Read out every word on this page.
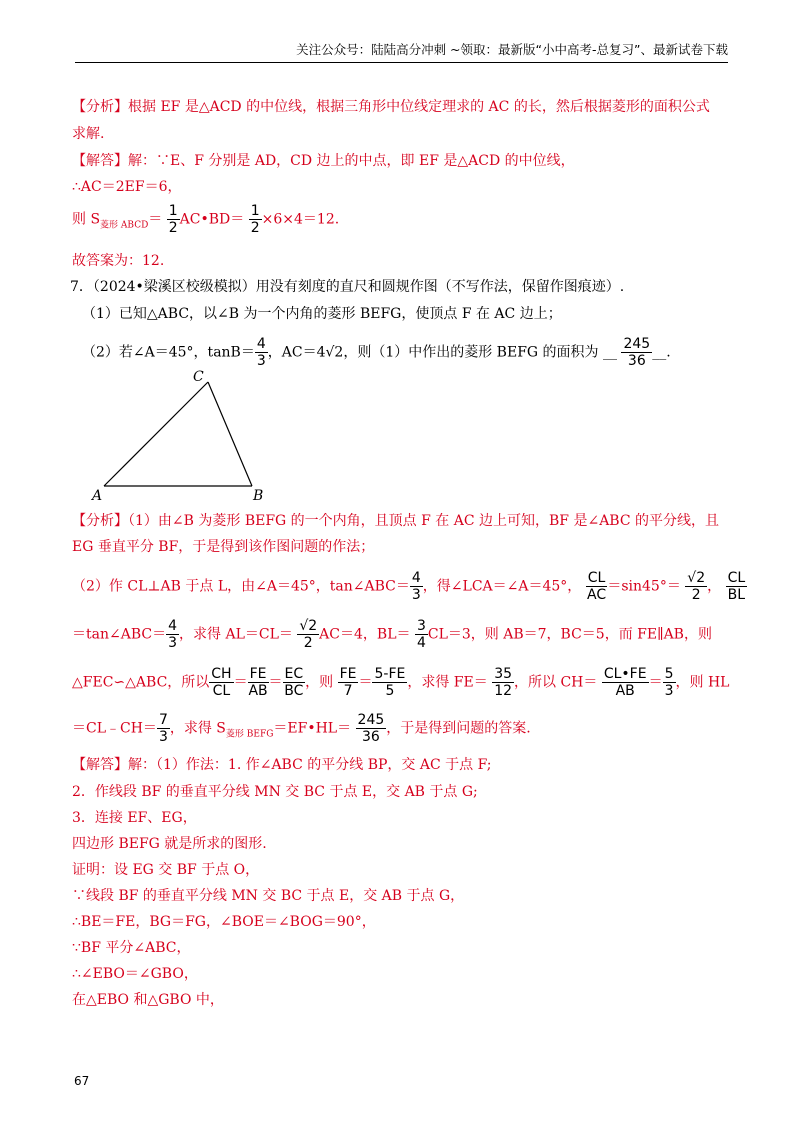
关注公众号：陆陆高分冲刺 ~领取：最新版“小中高考-总复习”、最新试卷下载
【分析】根据 EF 是△ACD 的中位线，根据三角形中位线定理求的 AC 的长，然后根据菱形的面积公式
求解.
【解答】解：∵E、F 分别是 AD，CD 边上的中点，即 EF 是△ACD 的中位线，
∴AC＝2EF＝6，
则 $S_{菱形 ABCD}= \frac{1}{2}$ AC•BD＝ $\frac{1}{2} \times 6\times 4=12$.
故答案为：12.
7．（2024•梁溪区校级模拟）用没有刻度的直尺和圆规作图（不写作法，保留作图痕迹）.
（1）已知△ABC，以∠B 为一个内角的菱形 BEFG，使顶点 F 在 AC 边上；
（2）若∠A＝45°，$\tan B= \frac{4}{3}$ ，AC＝4√2，则（1）中作出的菱形 BEFG 的面积为 __ $\frac{245}{36}$ __.
A	B
C
【分析】（1）由∠B 为菱形 BEFG 的一个内角，且顶点 F 在 AC 边上可知，BF 是∠ABC 的平分线，且
EG 垂直平分 BF，于是得到该作图问题的作法；
（2）作 CL⊥AB 于点 L，由∠A＝45°，tan∠ABC＝ $\frac{4}{3}$ ，得∠LCA＝∠A＝45°， $\frac{CL}{AC} =\sin 45^\circ= \frac{√2}{2}$ ， $\frac{CL}{BL}$
＝tan∠ABC＝ $\frac{4}{3}$ ，求得 $AL=CL= \frac{√2}{2} AC=4$，$BL= \frac{3}{4} CL=3$，则 AB＝7，BC＝5，而 FE∥AB，则
△FEC∽△ABC，所以 $\frac{CH}{CL} = \frac{FE}{AB} = \frac{EC}{BC}$ ，则 $\frac{FE}{7} = \frac{5-FE}{5}$ ，求得 $FE= \frac{35}{12}$ ，所以 $CH= \frac{CL•FE}{AB} = \frac{5}{3}$ ，则 HL
＝CL﹣CH＝ $\frac{7}{3}$ ，求得 $S_{菱形 BEFG}=EF•HL= \frac{245}{36}$ ，于是得到问题的答案.
【解答】解：（1）作法：1. 作∠ABC 的平分线 BP，交 AC 于点 F;
2．作线段 BF 的垂直平分线 MN 交 BC 于点 E，交 AB 于点 G;
3．连接 EF、EG，
四边形 BEFG 就是所求的图形.
证明：设 EG 交 BF 于点 O，
∵线段 BF 的垂直平分线 MN 交 BC 于点 E，交 AB 于点 G，
∴BE＝FE，BG＝FG，∠BOE＝∠BOG＝90°，
∵BF 平分∠ABC，
∴∠EBO＝∠GBO，
在△EBO 和△GBO 中，
67
